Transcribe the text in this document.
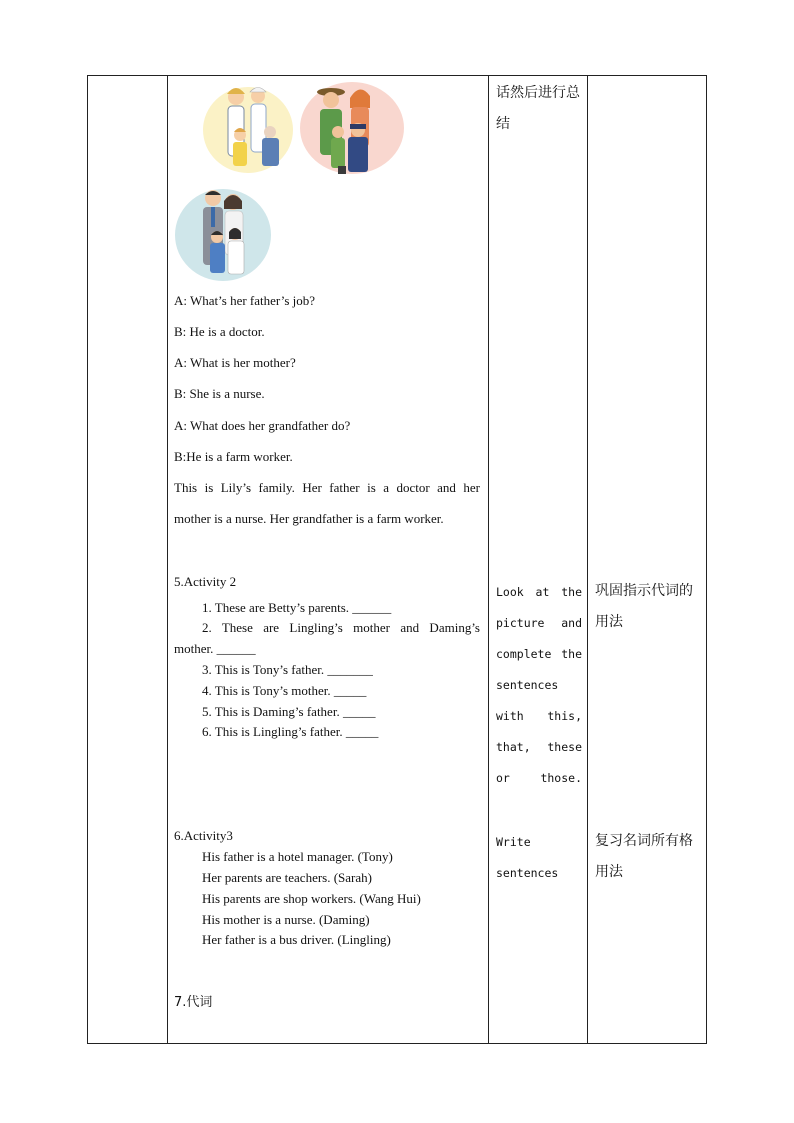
A: What’s her father’s job?
B: He is a doctor.
A: What is her mother?
B: She is a nurse.
A: What does her grandfather do?
B:He is a farm worker.
This is Lily’s family. Her father is a doctor and her
mother is a nurse. Her grandfather is a farm worker.
5.Activity 2
1. These are Betty’s parents. ______
2. These are Lingling’s mother and Daming’s
mother. ______
3. This is Tony’s father. _______
4. This is Tony’s mother. _____
5. This is Daming’s father. _____
6. This is Lingling’s father. _____
6.Activity3
His father is a hotel manager. (Tony)
Her parents are teachers. (Sarah)
His parents are shop workers. (Wang Hui)
His mother is a nurse. (Daming)
Her father is a bus driver. (Lingling)
7.代词
话然后进行总
结
Look at the
picture and
complete the
sentences
with this,
that, these
or	those.
Write
sentences
巩固指示代词的
用法
复习名词所有格
用法
